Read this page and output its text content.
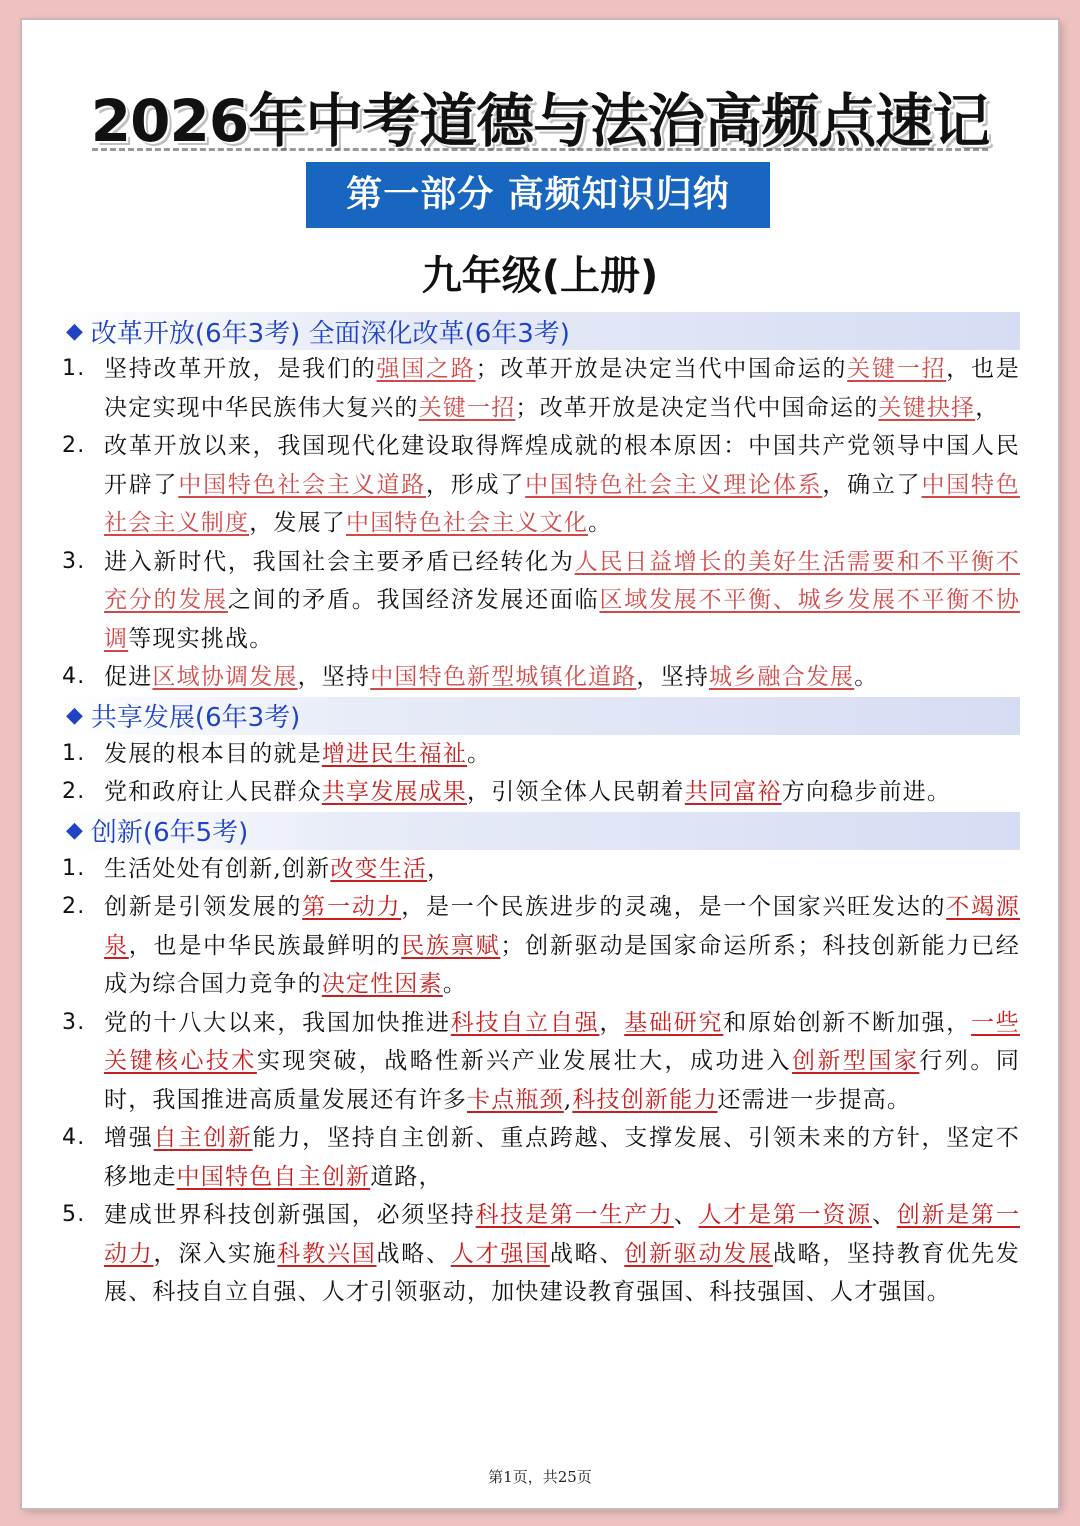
2026年中考道德与法治高频点速记
第一部分 高频知识归纳
九年级(上册)
◆ 改革开放(6年3考) 全面深化改革(6年3考)
1. 坚持改革开放，是我们的强国之路；改革开放是决定当代中国命运的关键一招，也是决定实现中华民族伟大复兴的关键一招；改革开放是决定当代中国命运的关键抉择，
2. 改革开放以来，我国现代化建设取得辉煌成就的根本原因：中国共产党领导中国人民开辟了中国特色社会主义道路，形成了中国特色社会主义理论体系，确立了中国特色社会主义制度，发展了中国特色社会主义文化。
3. 进入新时代，我国社会主要矛盾已经转化为人民日益增长的美好生活需要和不平衡不充分的发展之间的矛盾。我国经济发展还面临区域发展不平衡、城乡发展不平衡不协调等现实挑战。
4. 促进区域协调发展，坚持中国特色新型城镇化道路，坚持城乡融合发展。
◆ 共享发展(6年3考)
1. 发展的根本目的就是增进民生福祉。
2. 党和政府让人民群众共享发展成果，引领全体人民朝着共同富裕方向稳步前进。
◆ 创新(6年5考)
1. 生活处处有创新,创新改变生活，
2. 创新是引领发展的第一动力，是一个民族进步的灵魂，是一个国家兴旺发达的不竭源泉，也是中华民族最鲜明的民族禀赋；创新驱动是国家命运所系；科技创新能力已经成为综合国力竞争的决定性因素。
3. 党的十八大以来，我国加快推进科技自立自强，基础研究和原始创新不断加强，一些关键核心技术实现突破，战略性新兴产业发展壮大，成功进入创新型国家行列。同时，我国推进高质量发展还有许多卡点瓶颈,科技创新能力还需进一步提高。
4. 增强自主创新能力，坚持自主创新、重点跨越、支撑发展、引领未来的方针，坚定不移地走中国特色自主创新道路，
5. 建成世界科技创新强国，必须坚持科技是第一生产力、人才是第一资源、创新是第一动力，深入实施科教兴国战略、人才强国战略、创新驱动发展战略，坚持教育优先发展、科技自立自强、人才引领驱动，加快建设教育强国、科技强国、人才强国。
第1页，共25页
